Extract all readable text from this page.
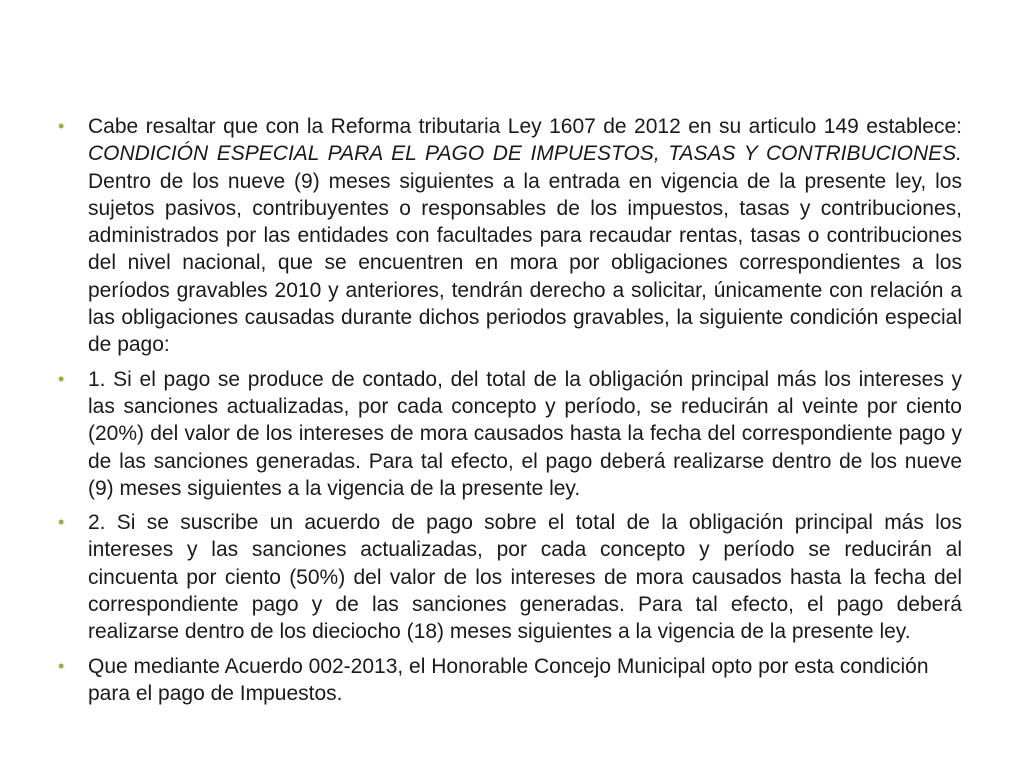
• Cabe resaltar que con la Reforma tributaria Ley 1607 de 2012 en su articulo 149 establece: CONDICIÓN ESPECIAL PARA EL PAGO DE IMPUESTOS, TASAS Y CONTRIBUCIONES. Dentro de los nueve (9) meses siguientes a la entrada en vigencia de la presente ley, los sujetos pasivos, contribuyentes o responsables de los impuestos, tasas y contribuciones, administrados por las entidades con facultades para recaudar rentas, tasas o contribuciones del nivel nacional, que se encuentren en mora por obligaciones correspondientes a los períodos gravables 2010 y anteriores, tendrán derecho a solicitar, únicamente con relación a las obligaciones causadas durante dichos periodos gravables, la siguiente condición especial de pago:
• 1. Si el pago se produce de contado, del total de la obligación principal más los intereses y las sanciones actualizadas, por cada concepto y período, se reducirán al veinte por ciento (20%) del valor de los intereses de mora causados hasta la fecha del correspondiente pago y de las sanciones generadas. Para tal efecto, el pago deberá realizarse dentro de los nueve (9) meses siguientes a la vigencia de la presente ley.
• 2. Si se suscribe un acuerdo de pago sobre el total de la obligación principal más los intereses y las sanciones actualizadas, por cada concepto y período se reducirán al cincuenta por ciento (50%) del valor de los intereses de mora causados hasta la fecha del correspondiente pago y de las sanciones generadas. Para tal efecto, el pago deberá realizarse dentro de los dieciocho (18) meses siguientes a la vigencia de la presente ley.
• Que mediante Acuerdo 002-2013, el Honorable Concejo Municipal opto por esta condición para el pago de Impuestos.
